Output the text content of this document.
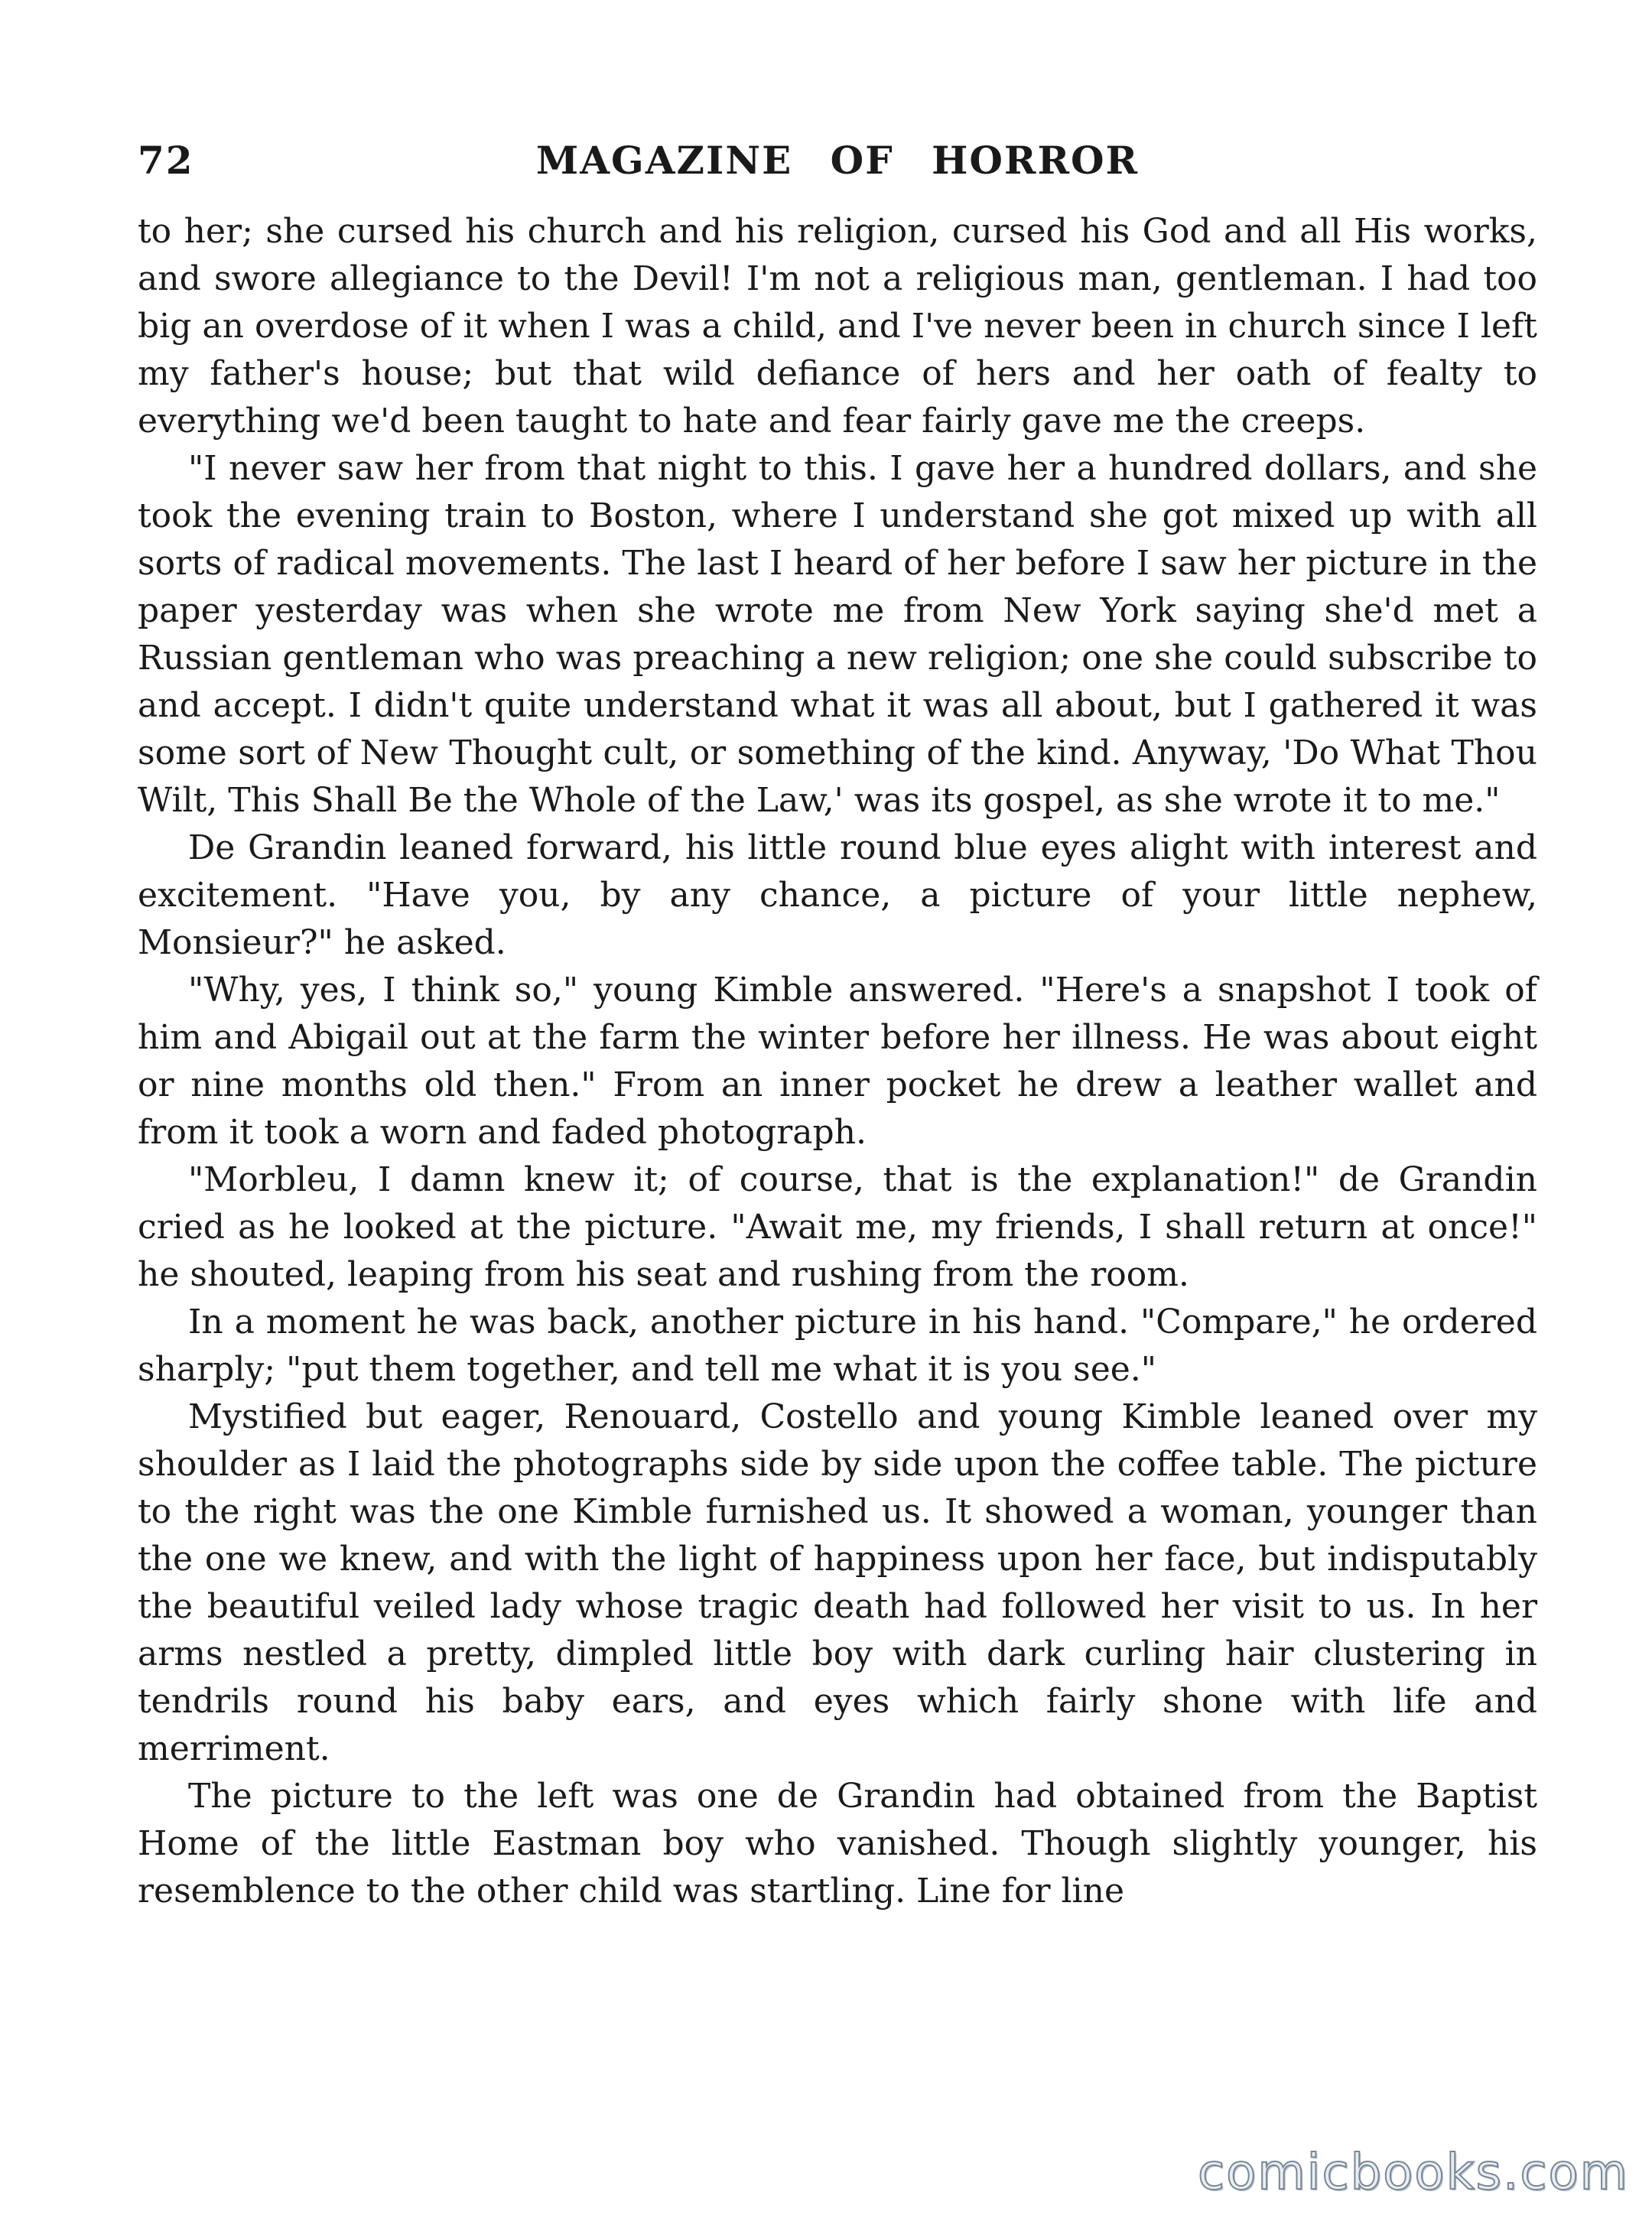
72	MAGAZINE OF HORROR

to her; she cursed his church and his religion, cursed his God and all His works, and swore allegiance to the Devil! I'm not a religious man, gentleman. I had too big an overdose of it when I was a child, and I've never been in church since I left my father's house; but that wild defiance of hers and her oath of fealty to everything we'd been taught to hate and fear fairly gave me the creeps.

"I never saw her from that night to this. I gave her a hundred dollars, and she took the evening train to Boston, where I understand she got mixed up with all sorts of radical movements. The last I heard of her before I saw her picture in the paper yesterday was when she wrote me from New York saying she'd met a Russian gentleman who was preaching a new religion; one she could subscribe to and accept. I didn't quite understand what it was all about, but I gathered it was some sort of New Thought cult, or something of the kind. Anyway, 'Do What Thou Wilt, This Shall Be the Whole of the Law,' was its gospel, as she wrote it to me."

De Grandin leaned forward, his little round blue eyes alight with interest and excitement. "Have you, by any chance, a picture of your little nephew, Monsieur?" he asked.

"Why, yes, I think so," young Kimble answered. "Here's a snapshot I took of him and Abigail out at the farm the winter before her illness. He was about eight or nine months old then." From an inner pocket he drew a leather wallet and from it took a worn and faded photograph.

"Morbleu, I damn knew it; of course, that is the explanation!" de Grandin cried as he looked at the picture. "Await me, my friends, I shall return at once!" he shouted, leaping from his seat and rushing from the room.

In a moment he was back, another picture in his hand. "Compare," he ordered sharply; "put them together, and tell me what it is you see."

Mystified but eager, Renouard, Costello and young Kimble leaned over my shoulder as I laid the photographs side by side upon the coffee table. The picture to the right was the one Kimble furnished us. It showed a woman, younger than the one we knew, and with the light of happiness upon her face, but indisputably the beautiful veiled lady whose tragic death had followed her visit to us. In her arms nestled a pretty, dimpled little boy with dark curling hair clustering in tendrils round his baby ears, and eyes which fairly shone with life and merriment.

The picture to the left was one de Grandin had obtained from the Baptist Home of the little Eastman boy who vanished. Though slightly younger, his resemblence to the other child was startling. Line for line

comicbooks.com
